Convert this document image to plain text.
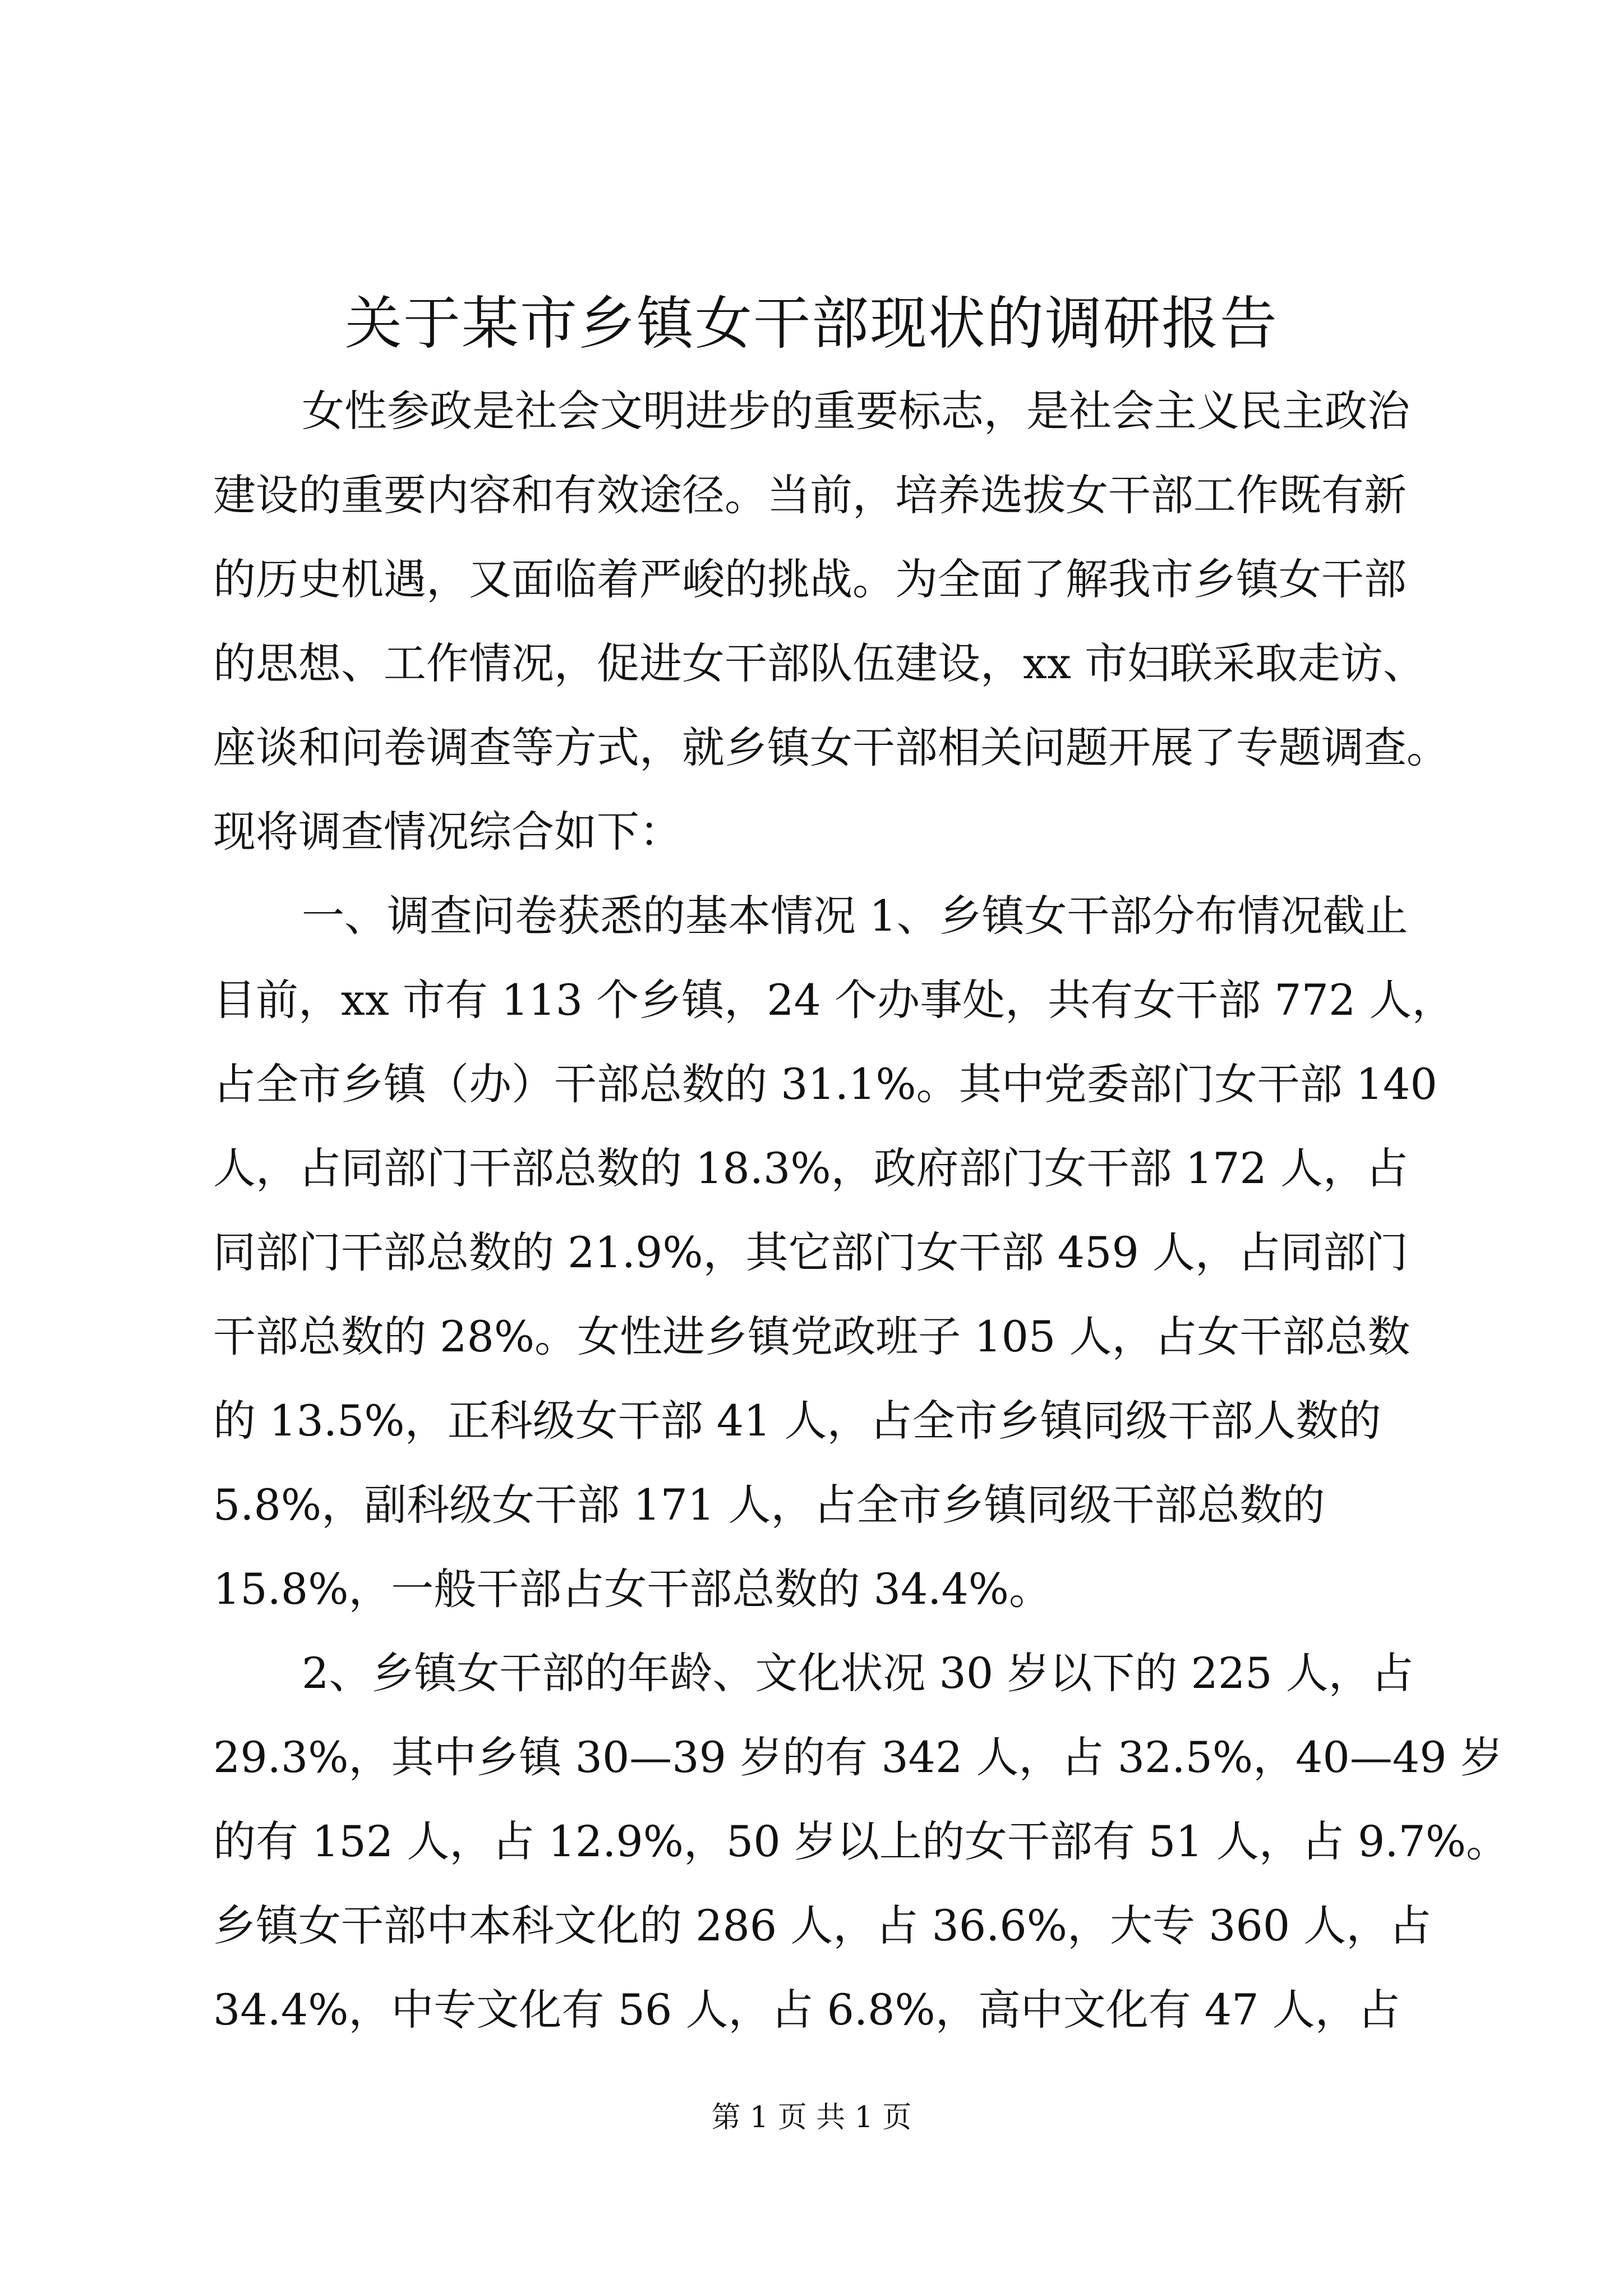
关于某市乡镇女干部现状的调研报告

女性参政是社会文明进步的重要标志，是社会主义民主政治

建设的重要内容和有效途径。当前，培养选拔女干部工作既有新

的历史机遇，又面临着严峻的挑战。为全面了解我市乡镇女干部

的思想、工作情况，促进女干部队伍建设，xx 市妇联采取走访、

座谈和问卷调查等方式，就乡镇女干部相关问题开展了专题调查。

现将调查情况综合如下：

一、调查问卷获悉的基本情况 1、乡镇女干部分布情况截止

目前，xx 市有 113 个乡镇，24 个办事处，共有女干部 772 人，

占全市乡镇（办）干部总数的 31.1%。其中党委部门女干部 140

人，占同部门干部总数的 18.3%，政府部门女干部 172 人，占

同部门干部总数的 21.9%，其它部门女干部 459 人，占同部门

干部总数的 28%。女性进乡镇党政班子 105 人，占女干部总数

的 13.5%，正科级女干部 41 人，占全市乡镇同级干部人数的

5.8%，副科级女干部 171 人，占全市乡镇同级干部总数的

15.8%，一般干部占女干部总数的 34.4%。

2、乡镇女干部的年龄、文化状况 30 岁以下的 225 人，占

29.3%，其中乡镇 30—39 岁的有 342 人，占 32.5%，40—49 岁

的有 152 人，占 12.9%，50 岁以上的女干部有 51 人，占 9.7%。

乡镇女干部中本科文化的 286 人，占 36.6%，大专 360 人，占

34.4%，中专文化有 56 人，占 6.8%，高中文化有 47 人，占

第 1 页 共 1 页
